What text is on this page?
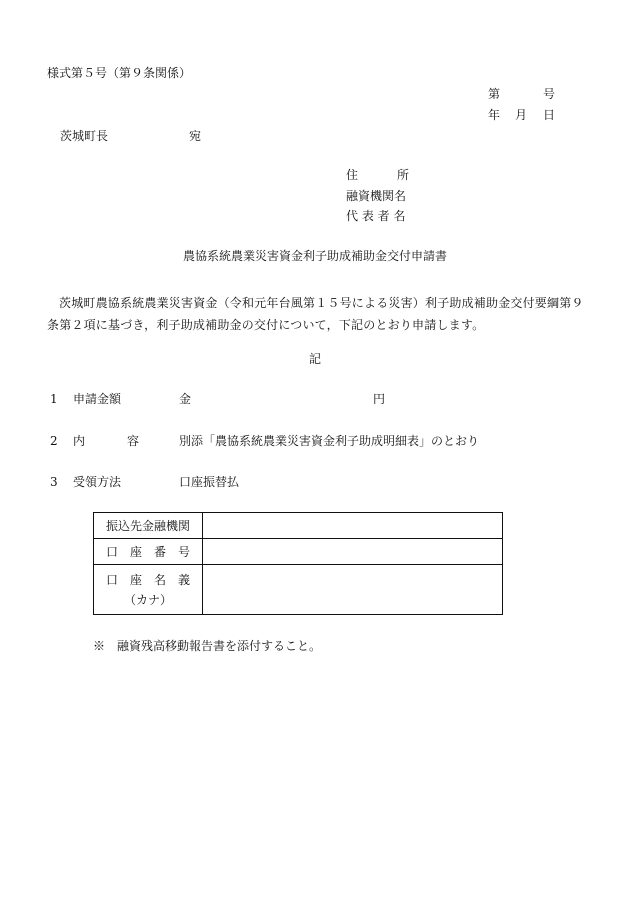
様式第５号（第９条関係）
第	号
年 月 日
茨城町長	宛
住	所
融資機関名
代 表 者 名
農協系統農業災害資金利子助成補助金交付申請書
茨城町農協系統農業災害資金（令和元年台風第１５号による災害）利子助成補助金交付要綱第９条第２項に基づき，利子助成補助金の交付について，下記のとおり申請します。
記
1 申請金額	金	円
2 内	容	別添「農協系統農業災害資金利子助成明細表」のとおり
3 受領方法	口座振替払
振込先金融機関	
口　座　番　号	

口　座　名　義
（カナ）	

※　融資残高移動報告書を添付すること。
